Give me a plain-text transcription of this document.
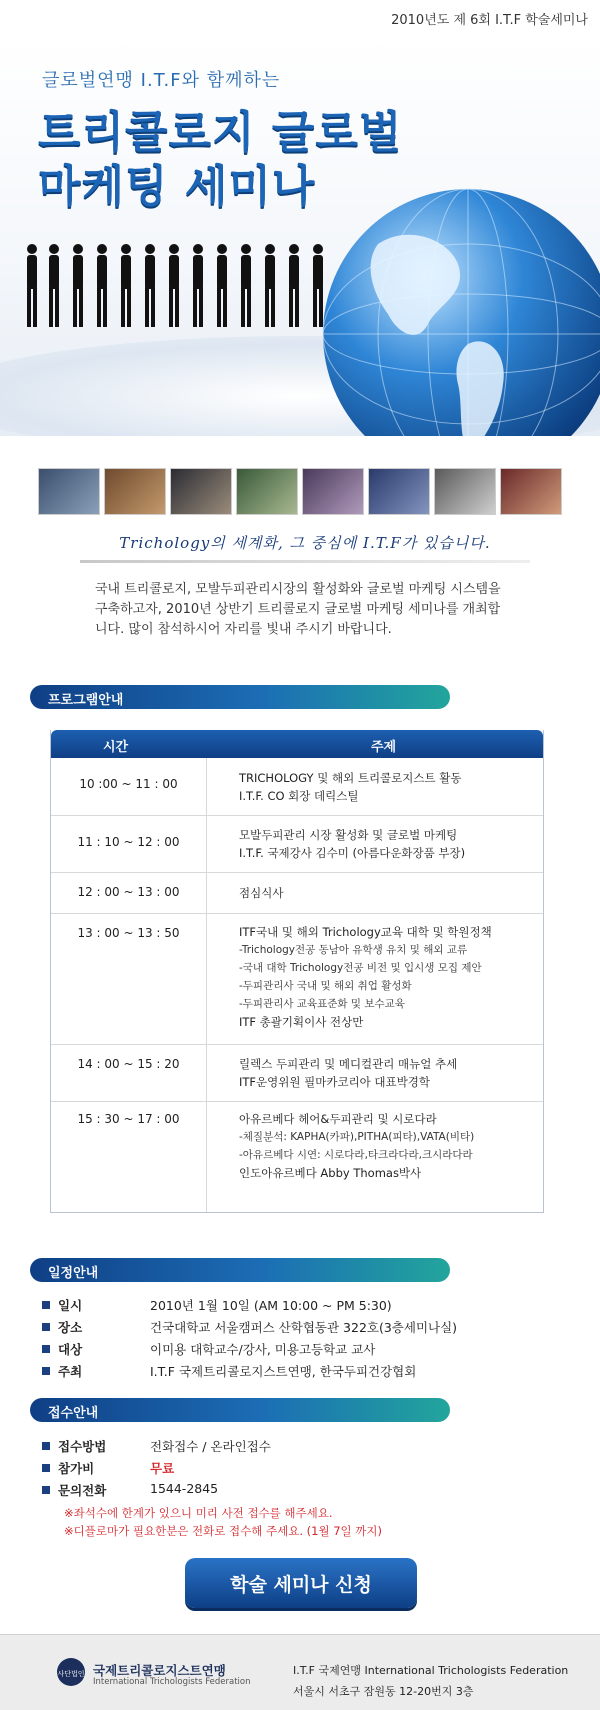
2010년도 제 6회 I.T.F 학술세미나
글로벌연맹 I.T.F와 함께하는
트리콜로지 글로벌
마케팅 세미나
Trichology의 세계화, 그 중심에 I.T.F가 있습니다.

국내 트리콜로지, 모발두피관리시장의 활성화와 글로벌 마케팅 시스템을

구축하고자, 2010년 상반기 트리콜로지 글로벌 마케팅 세미나를 개최합

니다. 많이 참석하시어 자리를 빛내 주시기 바랍니다.

프로그램안내
시간	주제
10 :00 ~ 11 : 00	TRICHOLOGY 및 해외 트리콜로지스트 활동
I.T.F. CO 회장 데릭스틸
11 : 10 ~ 12 : 00	모발두피관리 시장 활성화 및 글로벌 마케팅
I.T.F. 국제강사 김수미 (아름다운화장품 부장)
12 : 00 ~ 13 : 00	점심식사
13 : 00 ~ 13 : 50	ITF국내 및 해외 Trichology교육 대학 및 학원정책
-Trichology전공 동남아 유학생 유치 및 해외 교류
-국내 대학 Trichology전공 비전 및 입시생 모집 제안
-두피관리사 국내 및 해외 취업 활성화
-두피관리사 교육표준화 및 보수교육
ITF 총괄기획이사 전상만
14 : 00 ~ 15 : 20	릴렉스 두피관리 및 메디컬관리 매뉴얼 추세
ITF운영위원 필마카코리아 대표박경학
15 : 30 ~ 17 : 00	아유르베다 헤어&두피관리 및 시로다라
-체질분석: KAPHA(카파),PITHA(피타),VATA(비타)
-아유르베다 시연: 시로다라,타크라다라,크시라다라
인도아유르베다 Abby Thomas박사
일정안내
일시	2010년 1월 10일 (AM 10:00 ~ PM 5:30)
장소	건국대학교 서울캠퍼스 산학협동관 322호(3층세미나실)
대상	이미용 대학교수/강사, 미용고등학교 교사
주최	I.T.F 국제트리콜로지스트연맹, 한국두피건강협회
접수안내
접수방법	전화접수 / 온라인접수
참가비	무료
문의전화	1544-2845
※좌석수에 한계가 있으니 미리 사전 접수를 해주세요.
※디플로마가 필요한분은 전화로 접수해 주세요. (1월 7일 까지)
학술 세미나 신청
사단법인 국제트리콜로지스트연맹
International Trichologists Federation
I.T.F 국제연맹 International Trichologists Federation
서울시 서초구 잠원동 12-20번지 3층
